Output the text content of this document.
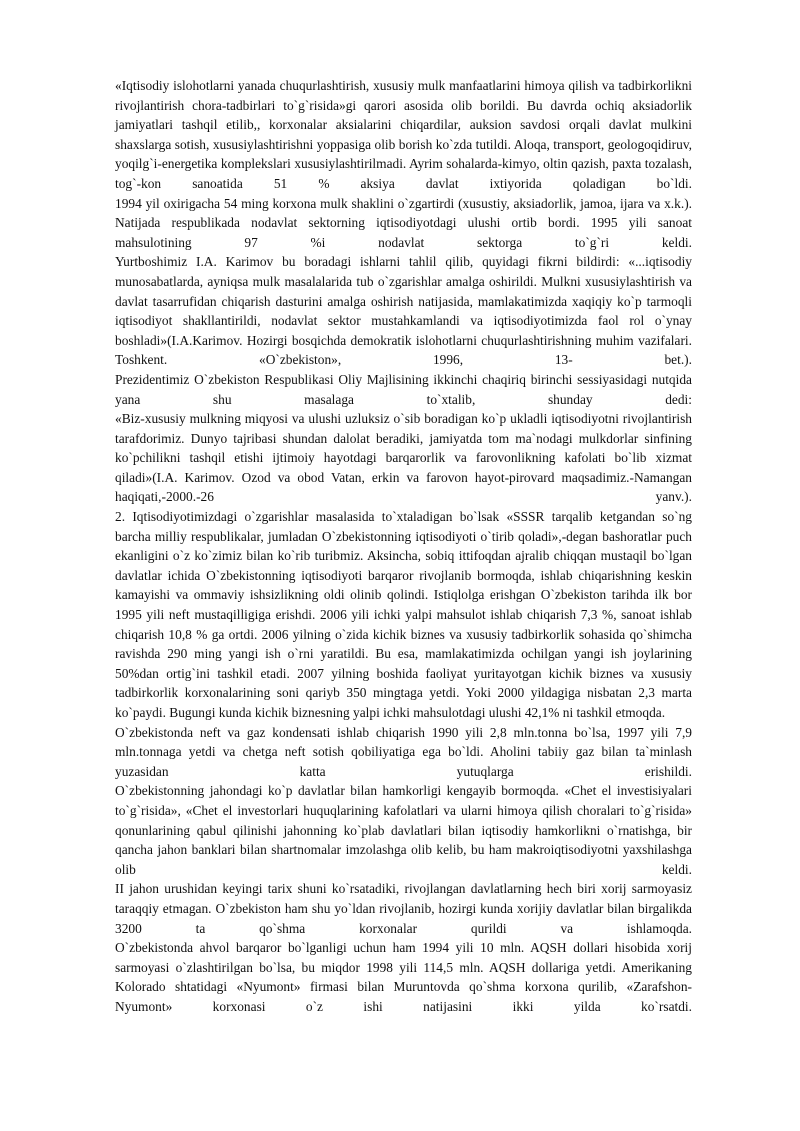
«Iqtisodiy islohotlarni yanada chuqurlashtirish, xususiy mulk manfaatlarini himoya qilish va tadbirkorlikni rivojlantirish chora-tadbirlari to`g`risida»gi qarori asosida olib borildi. Bu davrda ochiq aksiadorlik jamiyatlari tashqil etilib,, korxonalar aksialarini chiqardilar, auksion savdosi orqali davlat mulkini shaxslarga sotish, xususiylashtirishni yoppasiga olib borish ko`zda tutildi. Aloqa, transport, geologoqidiruv, yoqilg`i-energetika komplekslari xususiylashtirilmadi. Ayrim sohalarda-kimyo, oltin qazish, paxta tozalash, tog`-kon sanoatida 51 % aksiya davlat ixtiyorida qoladigan bo`ldi.

1994 yil oxirigacha 54 ming korxona mulk shaklini o`zgartirdi (xusustiy, aksiadorlik, jamoa, ijara va x.k.). Natijada respublikada nodavlat sektorning iqtisodiyotdagi ulushi ortib bordi. 1995 yili sanoat mahsulotining 97 %i nodavlat sektorga to`g`ri keldi.

Yurtboshimiz I.A. Karimov bu boradagi ishlarni tahlil qilib, quyidagi fikrni bildirdi: «...iqtisodiy munosabatlarda, ayniqsa mulk masalalarida tub o`zgarishlar amalga oshirildi. Mulkni xususiylashtirish va davlat tasarrufidan chiqarish dasturini amalga oshirish natijasida, mamlakatimizda xaqiqiy ko`p tarmoqli iqtisodiyot shakllantirildi, nodavlat sektor mustahkamlandi va iqtisodiyotimizda faol rol o`ynay boshladi»(I.A.Karimov. Hozirgi bosqichda demokratik islohotlarni chuqurlashtirishning muhim vazifalari. Toshkent. «O`zbekiston», 1996, 13- bet.).

Prezidentimiz O`zbekiston Respublikasi Oliy Majlisining ikkinchi chaqiriq birinchi sessiyasidagi nutqida yana shu masalaga to`xtalib, shunday dedi:

«Biz-xususiy mulkning miqyosi va ulushi uzluksiz o`sib boradigan ko`p ukladli iqtisodiyotni rivojlantirish tarafdorimiz. Dunyo tajribasi shundan dalolat beradiki, jamiyatda tom ma`nodagi mulkdorlar sinfining ko`pchilikni tashqil etishi ijtimoiy hayotdagi barqarorlik va farovonlikning kafolati bo`lib xizmat qiladi»(I.A. Karimov. Ozod va obod Vatan, erkin va farovon hayot-pirovard maqsadimiz.-Namangan haqiqati,-2000.-26 yanv.).

2. Iqtisodiyotimizdagi o`zgarishlar masalasida to`xtaladigan bo`lsak «SSSR tarqalib ketgandan so`ng barcha milliy respublikalar, jumladan O`zbekistonning iqtisodiyoti o`tirib qoladi»,-degan bashoratlar puch ekanligini o`z ko`zimiz bilan ko`rib turibmiz. Aksincha, sobiq ittifoqdan ajralib chiqqan mustaqil bo`lgan davlatlar ichida O`zbekistonning iqtisodiyoti barqaror rivojlanib bormoqda, ishlab chiqarishning keskin kamayishi va ommaviy ishsizlikning oldi olinib qolindi. Istiqlolga erishgan O`zbekiston tarihda ilk bor 1995 yili neft mustaqilligiga erishdi. 2006 yili ichki yalpi mahsulot ishlab chiqarish 7,3 %, sanoat ishlab chiqarish 10,8 % ga ortdi. 2006 yilning o`zida kichik biznes va xususiy tadbirkorlik sohasida qo`shimcha ravishda 290 ming yangi ish o`rni yaratildi. Bu esa, mamlakatimizda ochilgan yangi ish joylarining 50%dan ortig`ini tashkil etadi. 2007 yilning boshida faoliyat yuritayotgan kichik biznes va xususiy tadbirkorlik korxonalarining soni qariyb 350 mingtaga yetdi. Yoki 2000 yildagiga nisbatan 2,3 marta ko`paydi. Bugungi kunda kichik biznesning yalpi ichki mahsulotdagi ulushi 42,1% ni tashkil etmoqda.

O`zbekistonda neft va gaz kondensati ishlab chiqarish 1990 yili 2,8 mln.tonna bo`lsa, 1997 yili 7,9 mln.tonnaga yetdi va chetga neft sotish qobiliyatiga ega bo`ldi. Aholini tabiiy gaz bilan ta`minlash yuzasidan katta yutuqlarga erishildi.

O`zbekistonning jahondagi ko`p davlatlar bilan hamkorligi kengayib bormoqda. «Chet el investisiyalari to`g`risida», «Chet el investorlari huquqlarining kafolatlari va ularni himoya qilish choralari to`g`risida» qonunlarining qabul qilinishi jahonning ko`plab davlatlari bilan iqtisodiy hamkorlikni o`rnatishga, bir qancha jahon banklari bilan shartnomalar imzolashga olib kelib, bu ham makroiqtisodiyotni yaxshilashga olib keldi.

II jahon urushidan keyingi tarix shuni ko`rsatadiki, rivojlangan davlatlarning hech biri xorij sarmoyasiz taraqqiy etmagan. O`zbekiston ham shu yo`ldan rivojlanib, hozirgi kunda xorijiy davlatlar bilan birgalikda 3200 ta qo`shma korxonalar qurildi va ishlamoqda.

O`zbekistonda ahvol barqaror bo`lganligi uchun ham 1994 yili 10 mln. AQSH dollari hisobida xorij sarmoyasi o`zlashtirilgan bo`lsa, bu miqdor 1998 yili 114,5 mln. AQSH dollariga yetdi. Amerikaning Kolorado shtatidagi «Nyumont» firmasi bilan Muruntovda qo`shma korxona qurilib, «Zarafshon-Nyumont» korxonasi o`z ishi natijasini ikki yilda ko`rsatdi.
